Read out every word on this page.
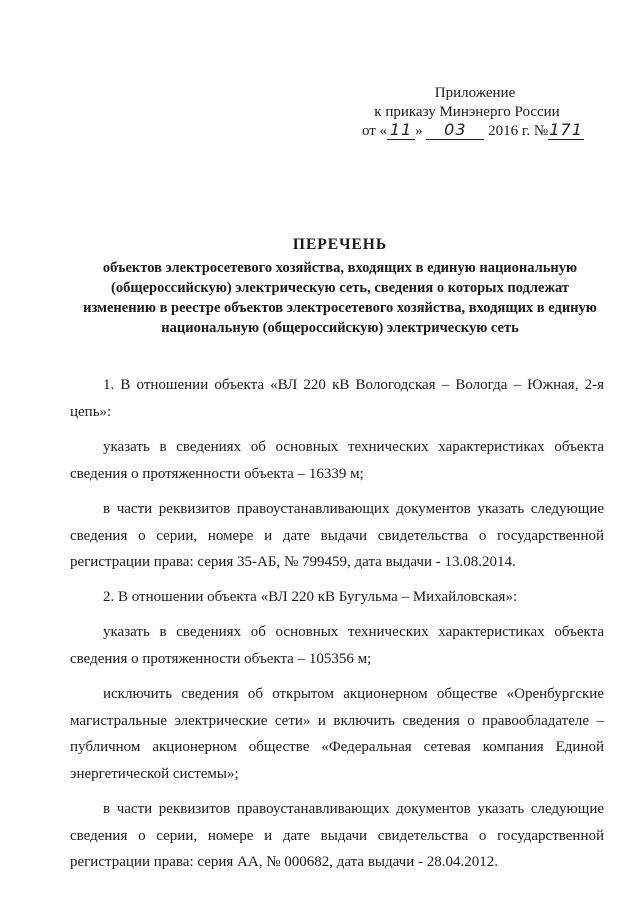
Приложение
к приказу Минэнерго России
от « 11 » 03 2016 г. №171
ПЕРЕЧЕНЬ
объектов электросетевого хозяйства, входящих в единую национальную
(общероссийскую) электрическую сеть, сведения о которых подлежат
изменению в реестре объектов электросетевого хозяйства, входящих в единую
национальную (общероссийскую) электрическую сеть

1. В отношении объекта «ВЛ 220 кВ Вологодская – Вологда – Южная, 2-я цепь»:

указать в сведениях об основных технических характеристиках объекта сведения о протяженности объекта – 16339 м;

в части реквизитов правоустанавливающих документов указать следующие сведения о серии, номере и дате выдачи свидетельства о государственной регистрации права: серия 35-АБ, № 799459, дата выдачи - 13.08.2014.

2. В отношении объекта «ВЛ 220 кВ Бугульма – Михайловская»:

указать в сведениях об основных технических характеристиках объекта сведения о протяженности объекта – 105356 м;

исключить сведения об открытом акционерном обществе «Оренбургские магистральные электрические сети» и включить сведения о правообладателе – публичном акционерном обществе «Федеральная сетевая компания Единой энергетической системы»;

в части реквизитов правоустанавливающих документов указать следующие сведения о серии, номере и дате выдачи свидетельства о государственной регистрации права: серия АА, № 000682, дата выдачи - 28.04.2012.
